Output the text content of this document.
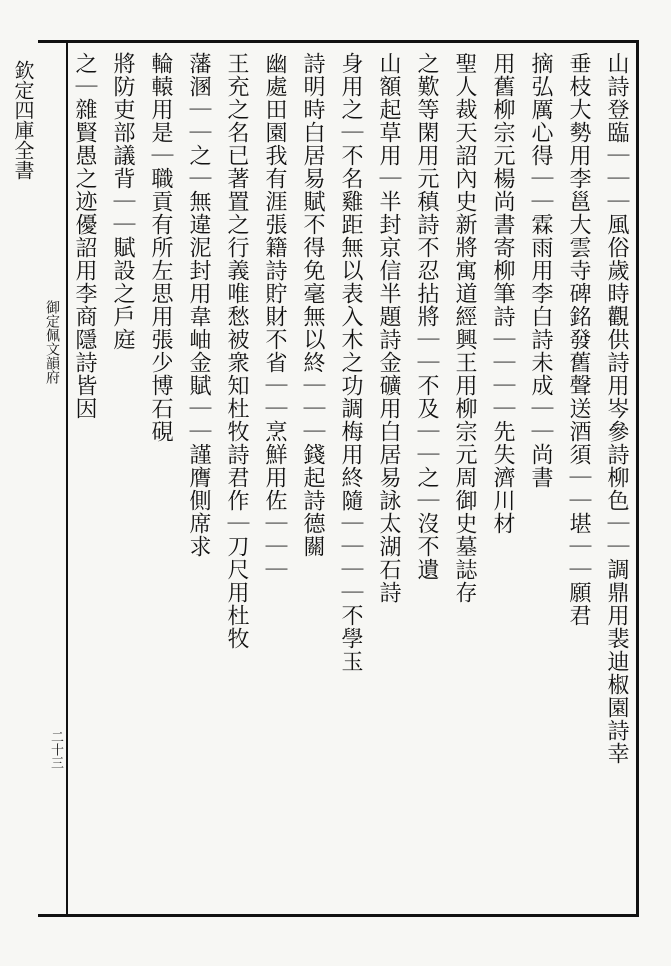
欽定四庫全書
御定佩文韻府
二十三	山詩登臨｜｜｜風俗歲時觀供詩用岑參詩柳色｜｜調鼎用裴迪椒園詩幸
垂枝大勢用李邕大雲寺碑銘發舊聲送酒須｜｜堪｜｜願君
摘弘厲心得｜｜霖雨用李白詩未成｜｜尚書
用舊柳宗元楊尚書寄柳筆詩｜｜｜｜先失濟川材
聖人裁天詔內史新將寓道經興王用柳宗元周御史墓誌存
之歎等閑用元稹詩不忍拈將｜｜不及｜｜之｜沒不遺
山額起草用｜半封京信半題詩金礦用白居易詠太湖石詩
身用之｜不名雞距無以表入木之功調梅用終隨｜｜｜｜不學玉
詩明時白居易賦不得免毫無以終｜｜｜錢起詩德關
幽處田園我有涯張籍詩貯財不省｜｜烹鮮用佐｜｜｜
王充之名已著置之行義唯愁被衆知杜牧詩君作｜刀尺用杜牧
藩溷｜｜之｜無違泥封用韋岫金賦｜｜謹膺側席求
輪轅用是｜職貢有所左思用張少博石硯
將防吏部議背｜｜賦設之戶庭
之｜雜賢愚之迹優詔用李商隱詩皆因
